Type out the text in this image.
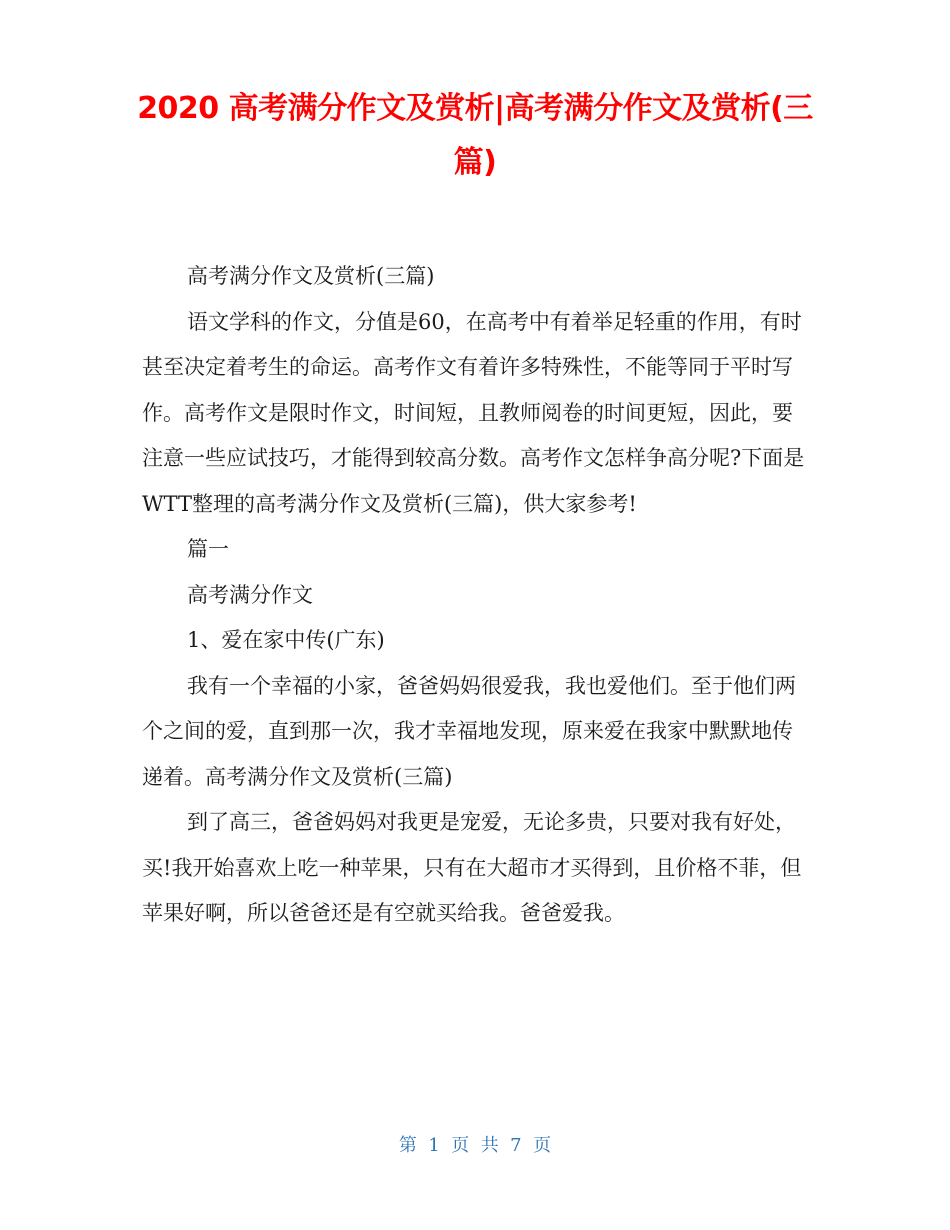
2020 高考满分作文及赏析|高考满分作文及赏析(三篇)

高考满分作文及赏析(三篇)

语文学科的作文，分值是60，在高考中有着举足轻重的作用，有时甚至决定着考生的命运。高考作文有着许多特殊性，不能等同于平时写作。高考作文是限时作文，时间短，且教师阅卷的时间更短，因此，要注意一些应试技巧，才能得到较高分数。高考作文怎样争高分呢?下面是WTT整理的高考满分作文及赏析(三篇)，供大家参考!

篇一

高考满分作文

1、爱在家中传(广东)

我有一个幸福的小家，爸爸妈妈很爱我，我也爱他们。至于他们两个之间的爱，直到那一次，我才幸福地发现，原来爱在我家中默默地传递着。高考满分作文及赏析(三篇)

到了高三，爸爸妈妈对我更是宠爱，无论多贵，只要对我有好处，买!我开始喜欢上吃一种苹果，只有在大超市才买得到，且价格不菲，但苹果好啊，所以爸爸还是有空就买给我。爸爸爱我。

第 1 页 共 7 页
